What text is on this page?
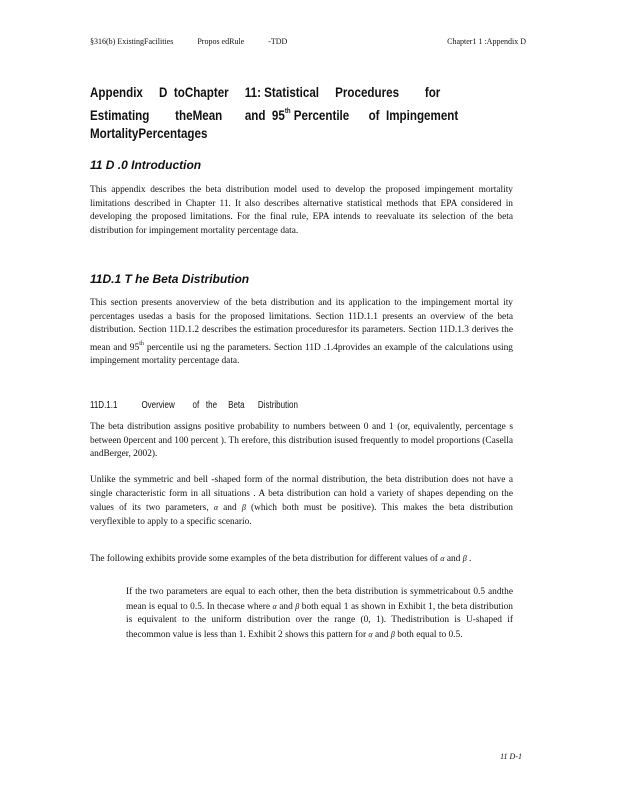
§316(b) ExistingFacilities	Propos edRule	-TDD	Chapter1 1 :Appendix D
Appendix     D  toChapter     11: Statistical     Procedures        for
Estimating        theMean       and  95th Percentile      of  Impingement
MortalityPercentages
11 D .0 Introduction

This appendix describes the beta distribution model used to develop the proposed impingement mortality limitations described in Chapter 11. It also describes alternative statistical methods that EPA considered in developing the proposed limitations. For the final rule, EPA intends to reevaluate its selection of the beta distribution for impingement mortality percentage data.

11D.1 T he Beta Distribution

This section presents anoverview of the beta distribution and its application to the impingement mortal ity percentages usedas a basis for the proposed limitations. Section 11D.1.1 presents an overview of the beta distribution. Section 11D.1.2 describes the estimation proceduresfor its parameters. Section 11D.1.3 derives the mean and 95th percentile usi ng the parameters. Section 11D .1.4provides an example of the calculations using impingement mortality percentage data.

11D.1.1 Overview        of   the     Beta      Distribution

The beta distribution assigns positive probability to numbers between 0 and 1 (or, equivalently, percentage s between 0percent and 100 percent ). Th erefore, this distribution isused frequently to model proportions (Casella andBerger, 2002).

Unlike the symmetric and bell -shaped form of the normal distribution, the beta distribution does not have a single characteristic form in all situations . A beta distribution can hold a variety of shapes depending on the values of its two parameters, α and β (which both must be positive). This makes the beta distribution veryflexible to apply to a specific scenario.

The following exhibits provide some examples of the beta distribution for different values of α and β .

If the two parameters are equal to each other, then the beta distribution is symmetricabout 0.5 andthe mean is equal to 0.5. In thecase where α and β both equal 1 as shown in Exhibit 1, the beta distribution is equivalent to the uniform distribution over the range (0, 1). Thedistribution is U-shaped if thecommon value is less than 1. Exhibit 2 shows this pattern for α and β both equal to 0.5.

11 D-1
